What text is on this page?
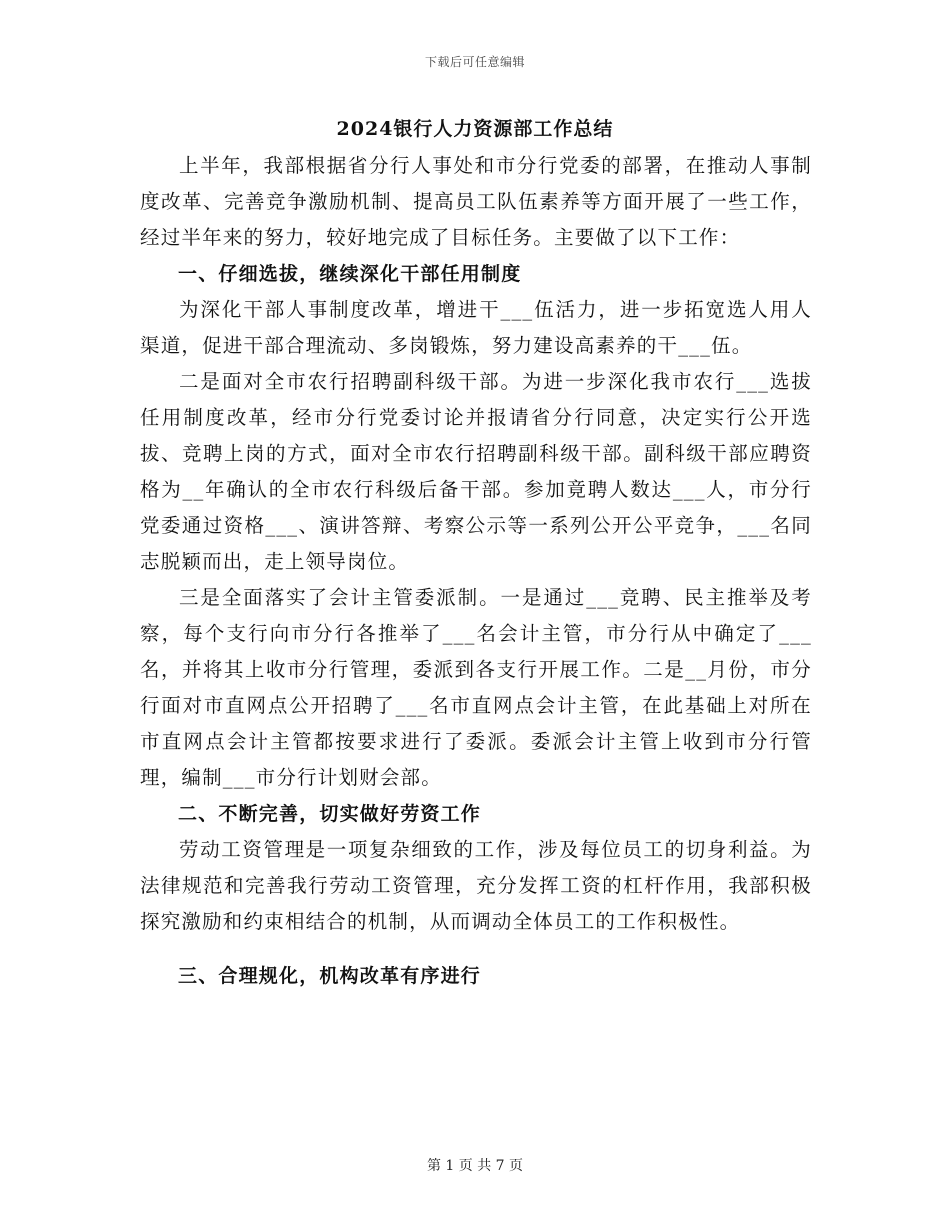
下载后可任意编辑
2024银行人力资源部工作总结

上半年，我部根据省分行人事处和市分行党委的部署，在推动人事制度改革、完善竞争激励机制、提高员工队伍素养等方面开展了一些工作，经过半年来的努力，较好地完成了目标任务。主要做了以下工作：

一、仔细选拔，继续深化干部任用制度

为深化干部人事制度改革，增进干___伍活力，进一步拓宽选人用人渠道，促进干部合理流动、多岗锻炼，努力建设高素养的干___伍。

二是面对全市农行招聘副科级干部。为进一步深化我市农行___选拔任用制度改革，经市分行党委讨论并报请省分行同意，决定实行公开选拔、竞聘上岗的方式，面对全市农行招聘副科级干部。副科级干部应聘资格为__年确认的全市农行科级后备干部。参加竟聘人数达___人，市分行党委通过资格___、演讲答辩、考察公示等一系列公开公平竞争，___名同志脱颖而出，走上领导岗位。

三是全面落实了会计主管委派制。一是通过___竞聘、民主推举及考察，每个支行向市分行各推举了___名会计主管，市分行从中确定了___名，并将其上收市分行管理，委派到各支行开展工作。二是__月份，市分行面对市直网点公开招聘了___名市直网点会计主管，在此基础上对所在市直网点会计主管都按要求进行了委派。委派会计主管上收到市分行管理，编制___市分行计划财会部。

二、不断完善，切实做好劳资工作

劳动工资管理是一项复杂细致的工作，涉及每位员工的切身利益。为法律规范和完善我行劳动工资管理，充分发挥工资的杠杆作用，我部积极探究激励和约束相结合的机制，从而调动全体员工的工作积极性。

三、合理规化，机构改革有序进行

第 1 页 共 7 页
